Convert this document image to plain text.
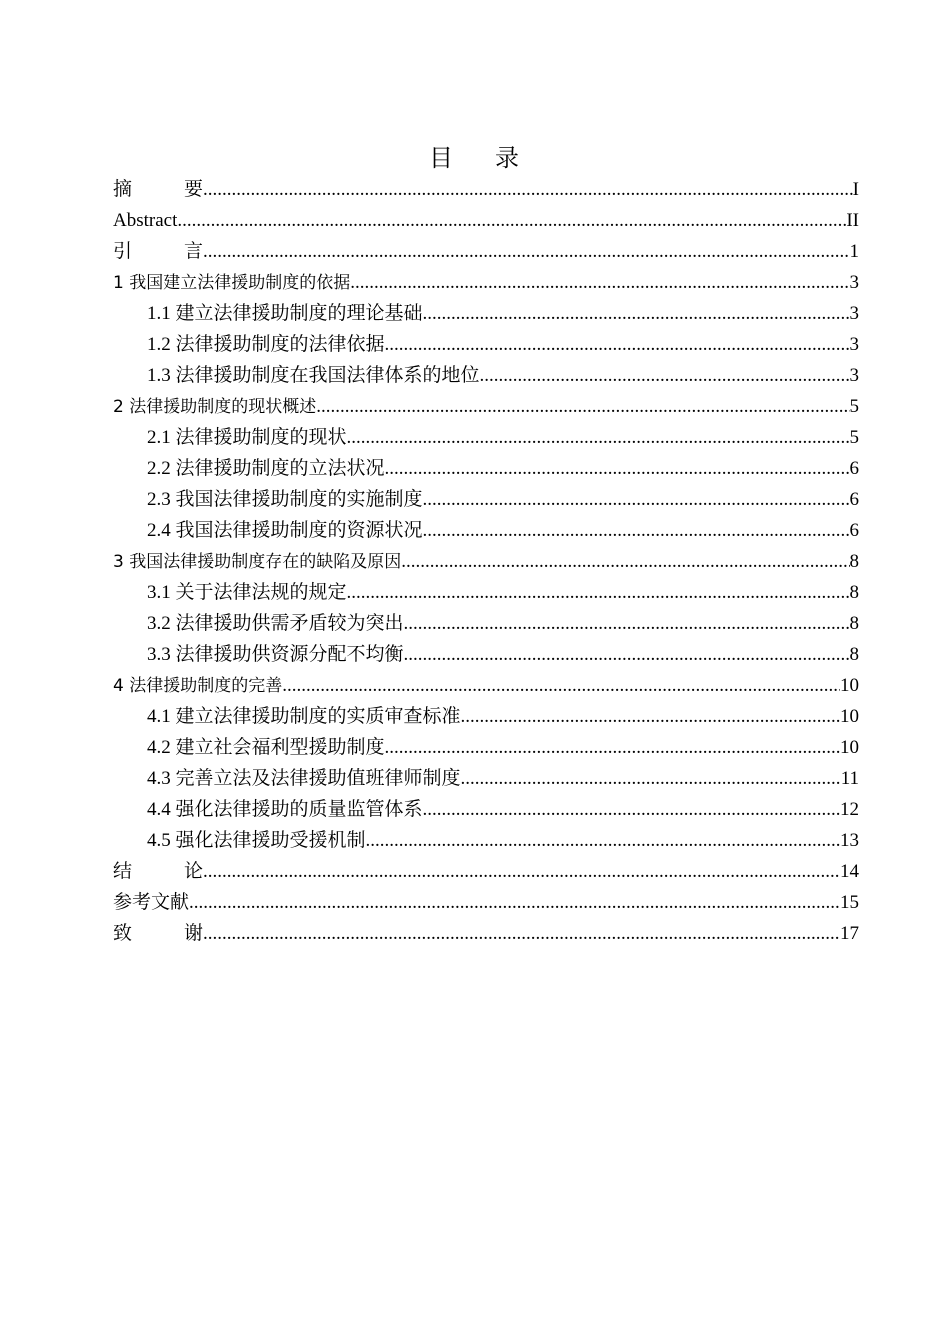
目 录
摘	要 .....	I
Abstract .....	II
引	言 .....	1
1 我国建立法律援助制度的依据 .....	3
1.1 建立法律援助制度的理论基础 .....	3
1.2 法律援助制度的法律依据 .....	3
1.3 法律援助制度在我国法律体系的地位 .....	3
2 法律援助制度的现状概述 .....	5
2.1 法律援助制度的现状 .....	5
2.2 法律援助制度的立法状况 .....	6
2.3 我国法律援助制度的实施制度 .....	6
2.4 我国法律援助制度的资源状况 .....	6
3 我国法律援助制度存在的缺陷及原因 .....	8
3.1 关于法律法规的规定 .....	8
3.2 法律援助供需矛盾较为突出 .....	8
3.3 法律援助供资源分配不均衡 .....	8
4 法律援助制度的完善 .....	10
4.1 建立法律援助制度的实质审查标准 .....	10
4.2 建立社会福利型援助制度 .....	10
4.3 完善立法及法律援助值班律师制度 .....	11
4.4 强化法律援助的质量监管体系 .....	12
4.5 强化法律援助受援机制 .....	13
结	论 .....	14
参考文献 .....	15
致	谢 .....	17
